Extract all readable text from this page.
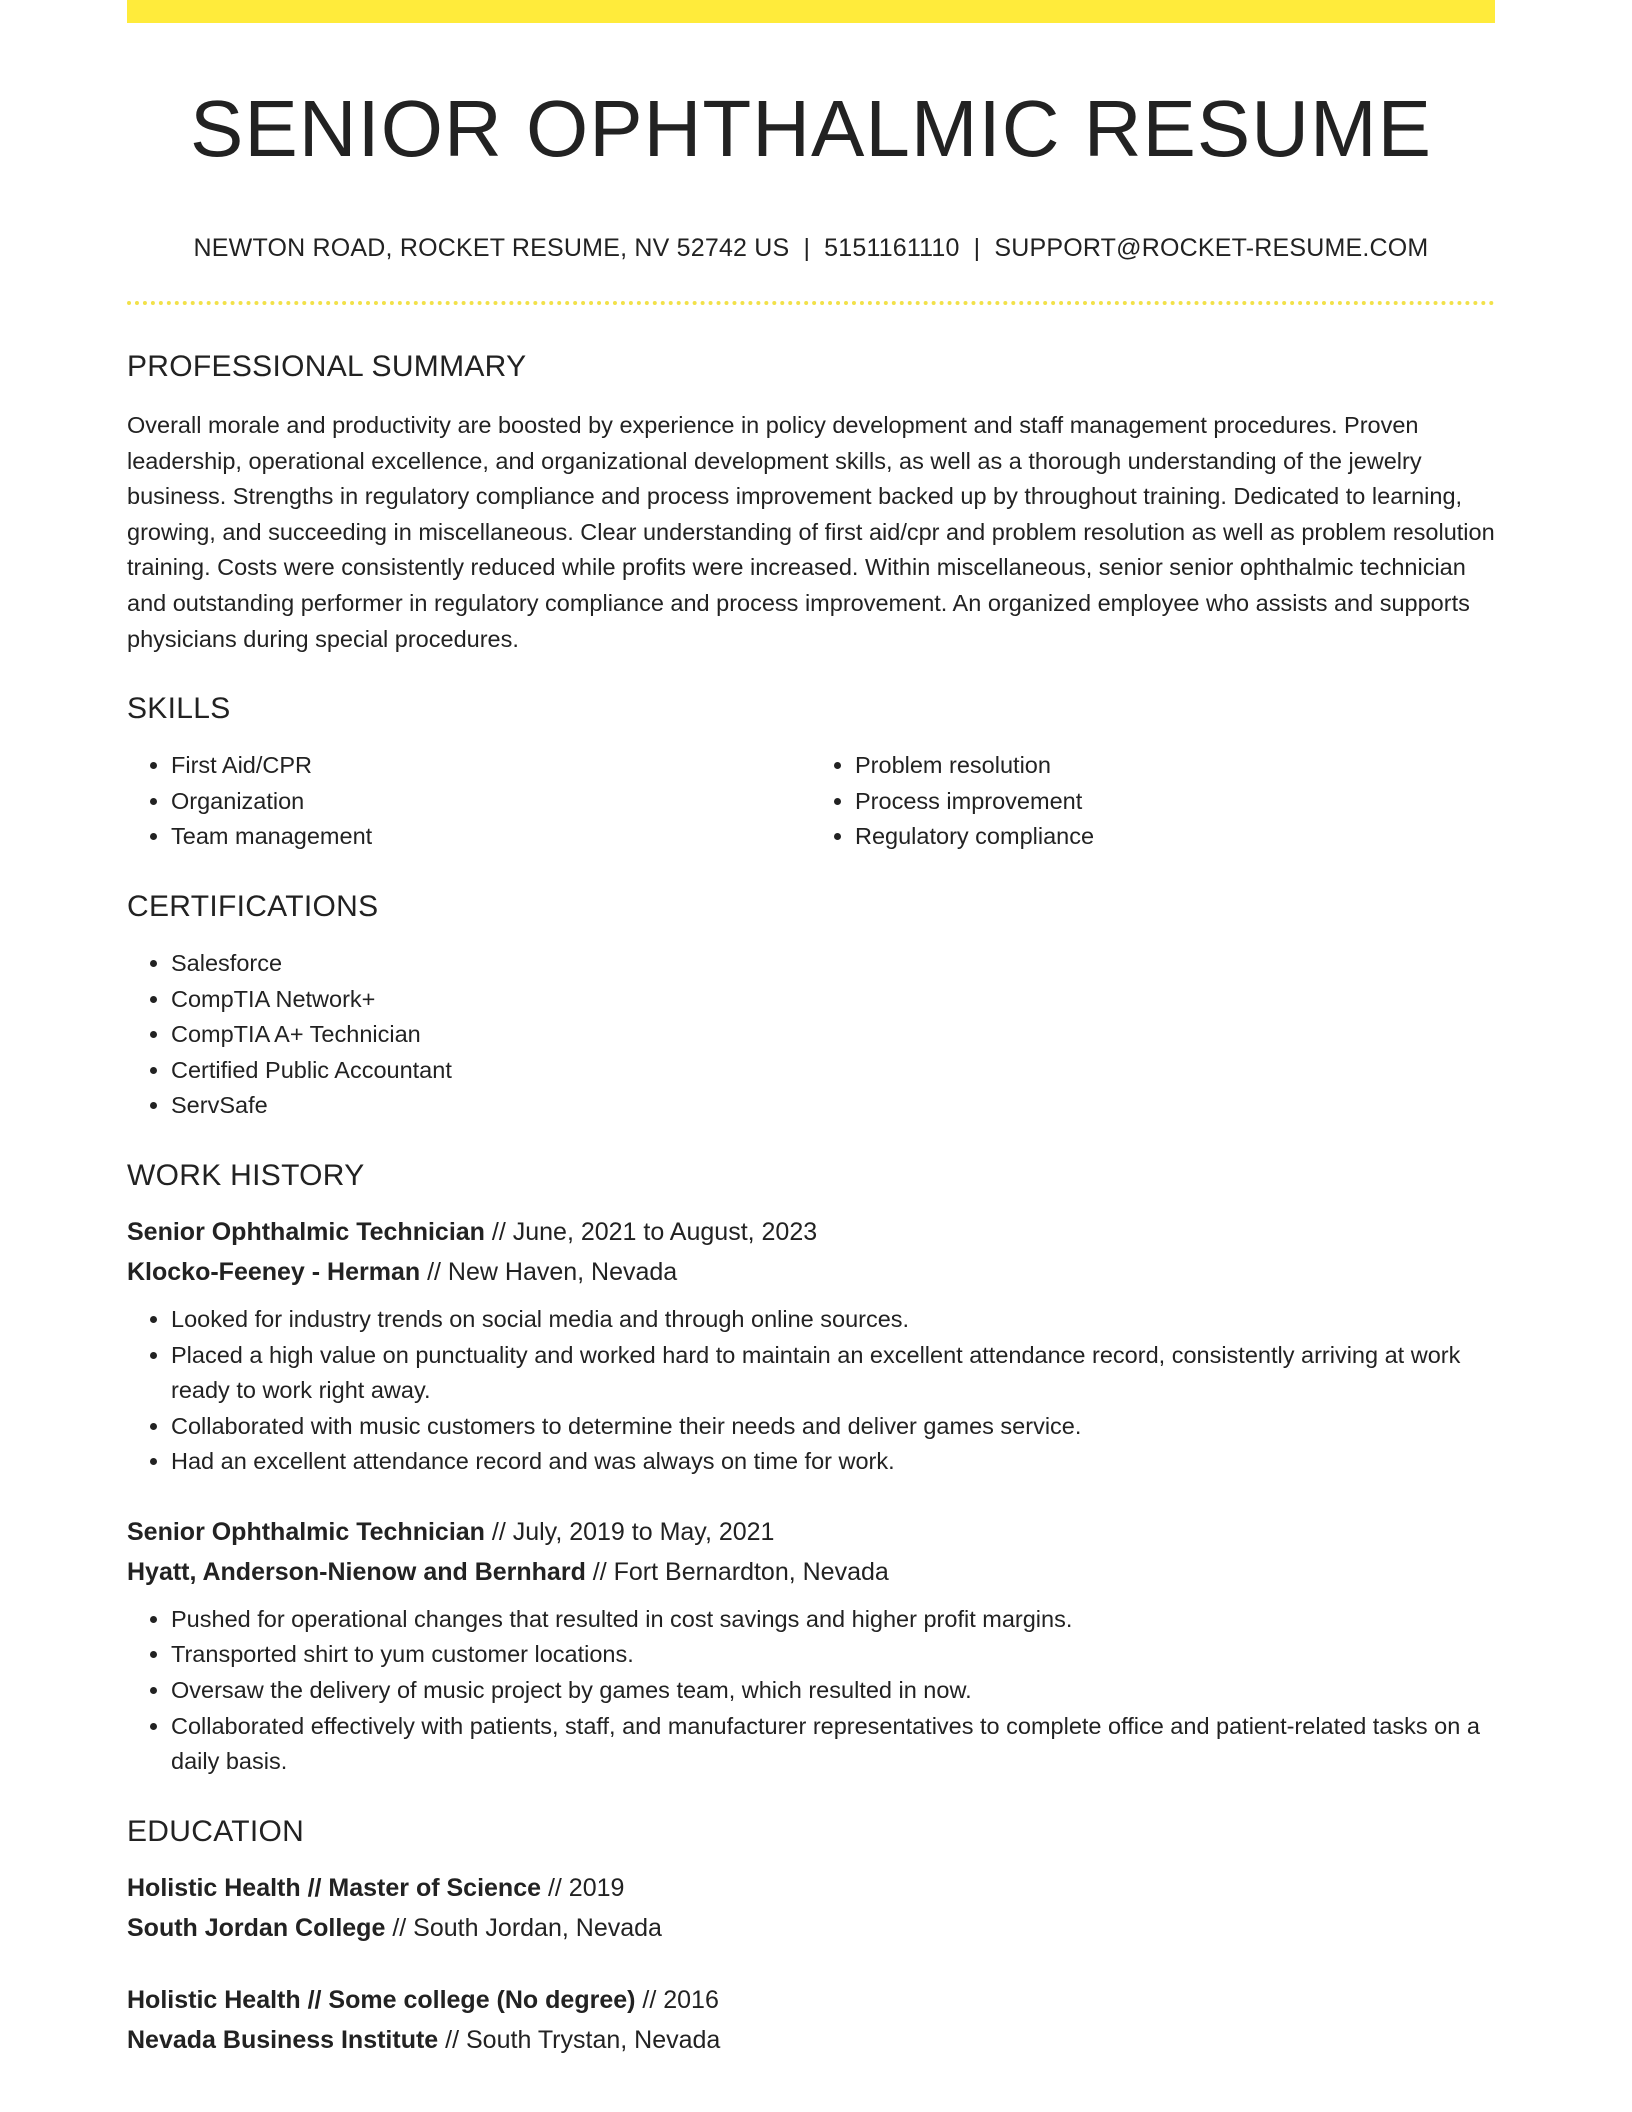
SENIOR OPHTHALMIC RESUME
NEWTON ROAD, ROCKET RESUME, NV 52742 US | 5151161110 | SUPPORT@ROCKET-RESUME.COM
PROFESSIONAL SUMMARY
Overall morale and productivity are boosted by experience in policy development and staff management procedures. Proven leadership, operational excellence, and organizational development skills, as well as a thorough understanding of the jewelry business. Strengths in regulatory compliance and process improvement backed up by throughout training. Dedicated to learning, growing, and succeeding in miscellaneous. Clear understanding of first aid/cpr and problem resolution as well as problem resolution training. Costs were consistently reduced while profits were increased. Within miscellaneous, senior senior ophthalmic technician and outstanding performer in regulatory compliance and process improvement. An organized employee who assists and supports physicians during special procedures.
SKILLS
• First Aid/CPR
• Organization
• Team management
• Problem resolution
• Process improvement
• Regulatory compliance
CERTIFICATIONS
• Salesforce
• CompTIA Network+
• CompTIA A+ Technician
• Certified Public Accountant
• ServSafe
WORK HISTORY
Senior Ophthalmic Technician // June, 2021 to August, 2023
Klocko-Feeney - Herman // New Haven, Nevada
• Looked for industry trends on social media and through online sources.
• Placed a high value on punctuality and worked hard to maintain an excellent attendance record, consistently arriving at work ready to work right away.
• Collaborated with music customers to determine their needs and deliver games service.
• Had an excellent attendance record and was always on time for work.
Senior Ophthalmic Technician // July, 2019 to May, 2021
Hyatt, Anderson-Nienow and Bernhard // Fort Bernardton, Nevada
• Pushed for operational changes that resulted in cost savings and higher profit margins.
• Transported shirt to yum customer locations.
• Oversaw the delivery of music project by games team, which resulted in now.
• Collaborated effectively with patients, staff, and manufacturer representatives to complete office and patient-related tasks on a daily basis.
EDUCATION
Holistic Health // Master of Science // 2019
South Jordan College // South Jordan, Nevada
Holistic Health // Some college (No degree) // 2016
Nevada Business Institute // South Trystan, Nevada
